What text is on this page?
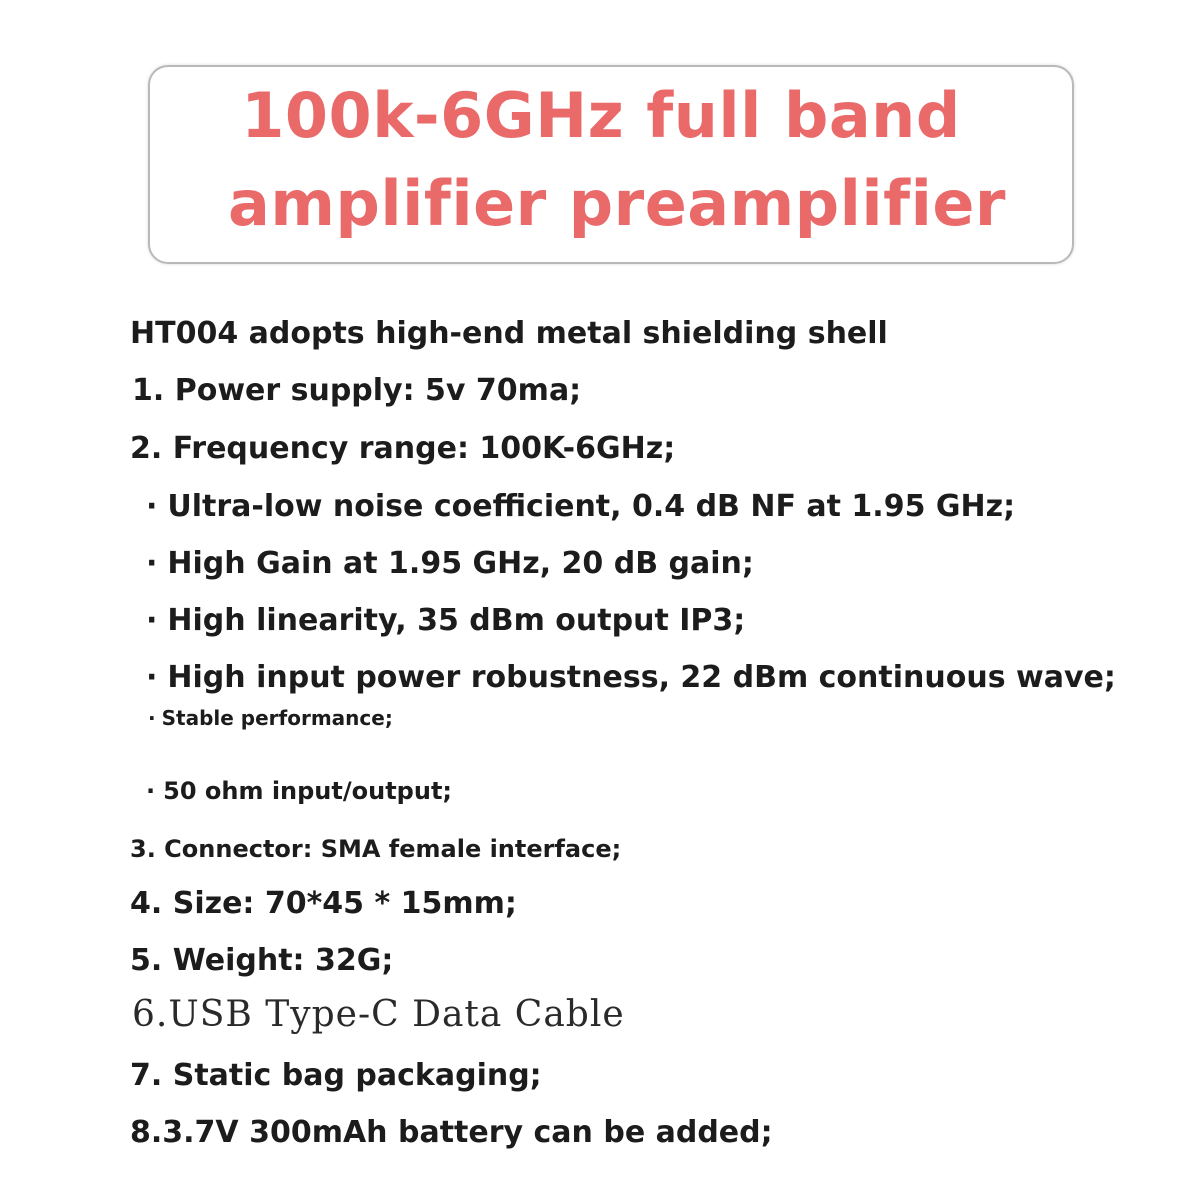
100k-6GHz full band
amplifier preamplifier
HT004 adopts high-end metal shielding shell
1. Power supply: 5v 70ma;
2. Frequency range: 100K-6GHz;
· Ultra-low noise coefficient, 0.4 dB NF at 1.95 GHz;
· High Gain at 1.95 GHz, 20 dB gain;
· High linearity, 35 dBm output IP3;
· High input power robustness, 22 dBm continuous wave;
· Stable performance;
· 50 ohm input/output;
3. Connector: SMA female interface;
4. Size: 70*45 * 15mm;
5. Weight: 32G;
6.USB Type-C Data Cable
7. Static bag packaging;
8.3.7V 300mAh battery can be added;
